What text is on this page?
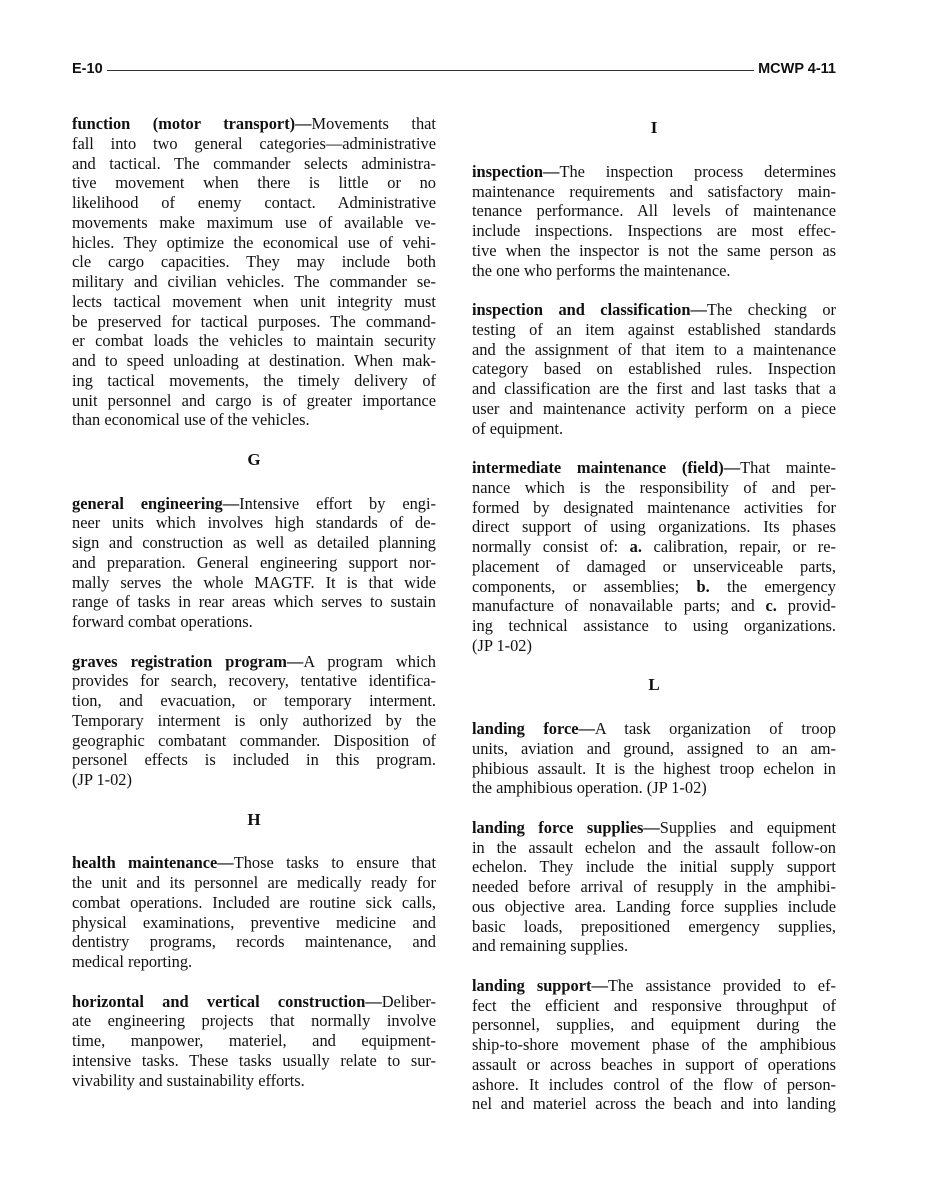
E-10	MCWP 4-11
function (motor transport)—Movements that
fall into two general categories—administrative
and tactical. The commander selects administra-
tive movement when there is little or no
likelihood of enemy contact. Administrative
movements make maximum use of available ve-
hicles. They optimize the economical use of vehi-
cle cargo capacities. They may include both
military and civilian vehicles. The commander se-
lects tactical movement when unit integrity must
be preserved for tactical purposes. The command-
er combat loads the vehicles to maintain security
and to speed unloading at destination. When mak-
ing tactical movements, the timely delivery of
unit personnel and cargo is of greater importance
than economical use of the vehicles.
G
general engineering—Intensive effort by engi-
neer units which involves high standards of de-
sign and construction as well as detailed planning
and preparation. General engineering support nor-
mally serves the whole MAGTF. It is that wide
range of tasks in rear areas which serves to sustain
forward combat operations.
graves registration program—A program which
provides for search, recovery, tentative identifica-
tion, and evacuation, or temporary interment.
Temporary interment is only authorized by the
geographic combatant commander. Disposition of
personel effects is included in this program.
(JP 1-02)
H
health maintenance—Those tasks to ensure that
the unit and its personnel are medically ready for
combat operations. Included are routine sick calls,
physical examinations, preventive medicine and
dentistry programs, records maintenance, and
medical reporting.
horizontal and vertical construction—Deliber-
ate engineering projects that normally involve
time, manpower, materiel, and equipment-
intensive tasks. These tasks usually relate to sur-
vivability and sustainability efforts.
I
inspection—The inspection process determines
maintenance requirements and satisfactory main-
tenance performance. All levels of maintenance
include inspections. Inspections are most effec-
tive when the inspector is not the same person as
the one who performs the maintenance.
inspection and classification—The checking or
testing of an item against established standards
and the assignment of that item to a maintenance
category based on established rules. Inspection
and classification are the first and last tasks that a
user and maintenance activity perform on a piece
of equipment.
intermediate maintenance (field)—That mainte-
nance which is the responsibility of and per-
formed by designated maintenance activities for
direct support of using organizations. Its phases
normally consist of: a. calibration, repair, or re-
placement of damaged or unserviceable parts,
components, or assemblies; b. the emergency
manufacture of nonavailable parts; and c. provid-
ing technical assistance to using organizations.
(JP 1-02)
L
landing force—A task organization of troop
units, aviation and ground, assigned to an am-
phibious assault. It is the highest troop echelon in
the amphibious operation. (JP 1-02)
landing force supplies—Supplies and equipment
in the assault echelon and the assault follow-on
echelon. They include the initial supply support
needed before arrival of resupply in the amphibi-
ous objective area. Landing force supplies include
basic loads, prepositioned emergency supplies,
and remaining supplies.
landing support—The assistance provided to ef-
fect the efficient and responsive throughput of
personnel, supplies, and equipment during the
ship-to-shore movement phase of the amphibious
assault or across beaches in support of operations
ashore. It includes control of the flow of person-
nel and materiel across the beach and into landing
